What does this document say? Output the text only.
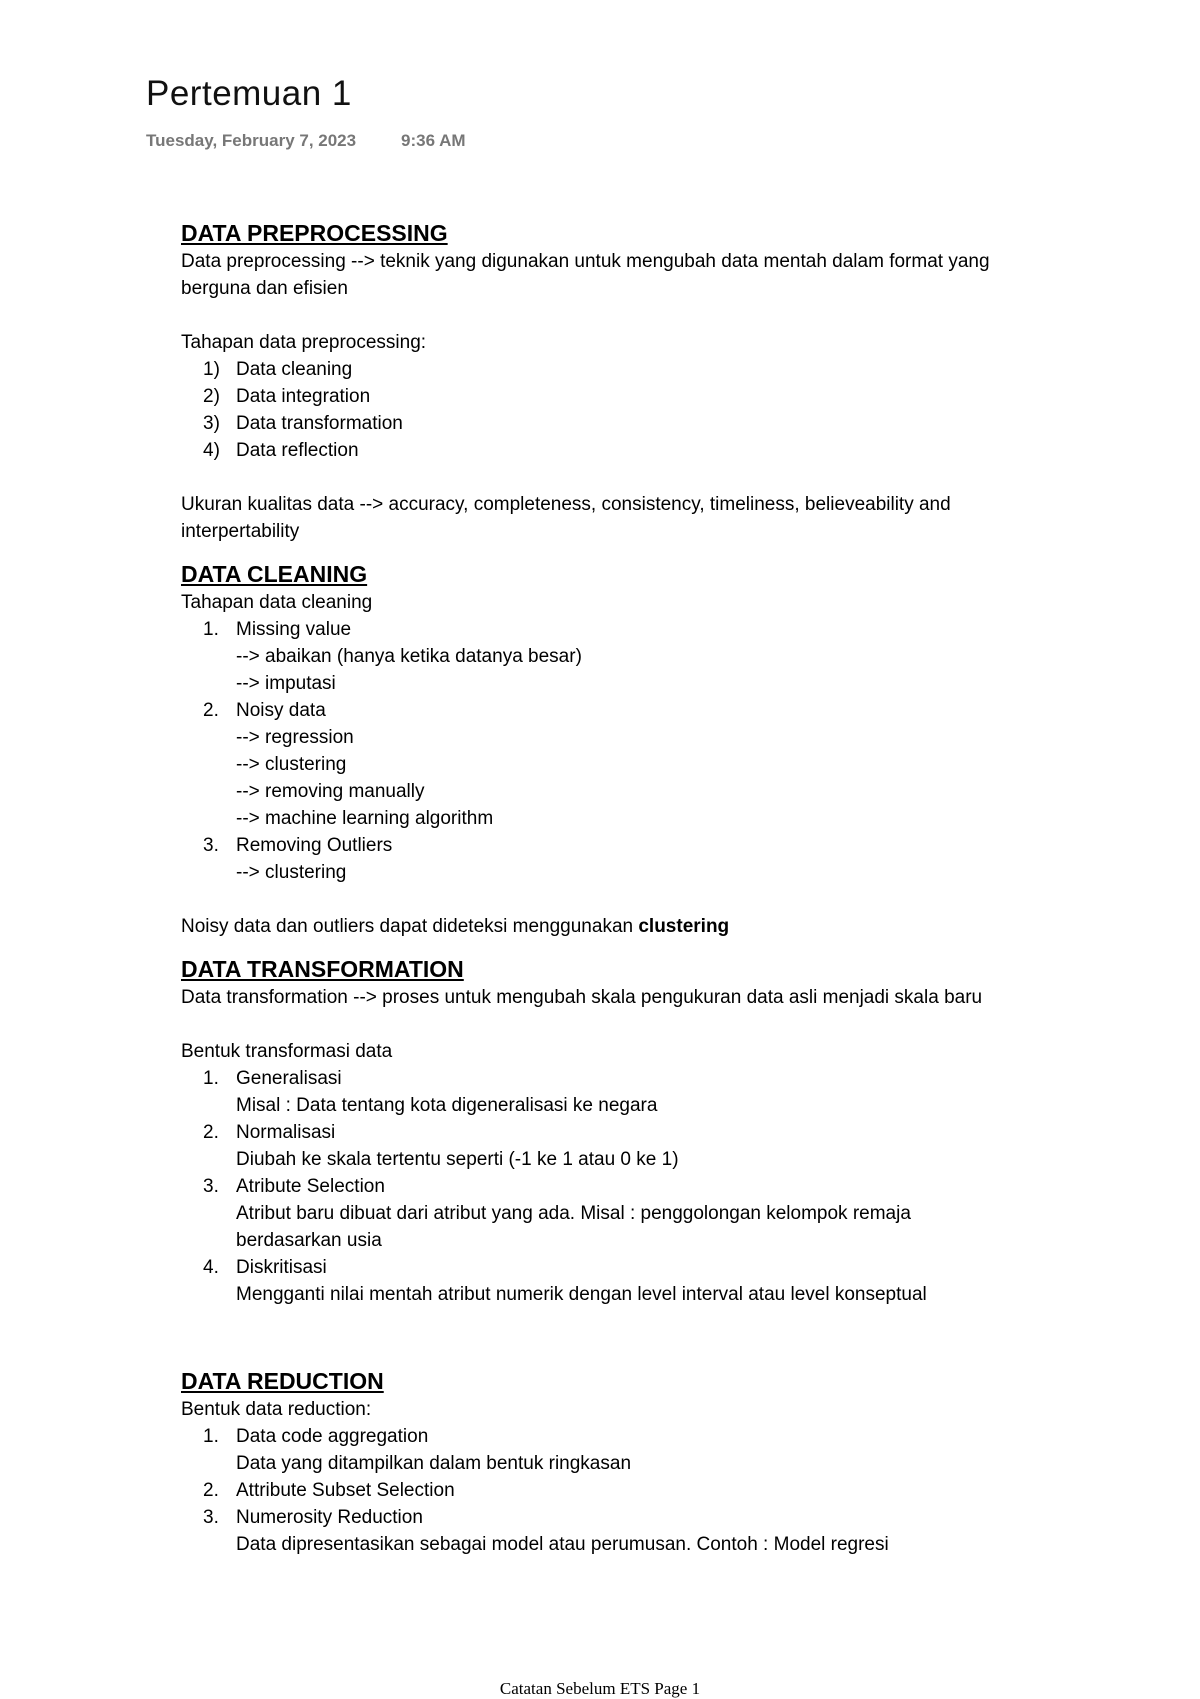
Pertemuan 1
Tuesday, February 7, 2023	9:36 AM
DATA PREPROCESSING

Data preprocessing --> teknik yang digunakan untuk mengubah data mentah dalam format yang

berguna dan efisien

Tahapan data preprocessing:

1) Data cleaning
2) Data integration
3) Data transformation
4) Data reflection

Ukuran kualitas data --> accuracy, completeness, consistency, timeliness, believeability and

interpertability

DATA CLEANING

Tahapan data cleaning

1. Missing value
--> abaikan (hanya ketika datanya besar)
--> imputasi
2. Noisy data
--> regression
--> clustering
--> removing manually
--> machine learning algorithm
3. Removing Outliers
--> clustering

Noisy data dan outliers dapat dideteksi menggunakan clustering

DATA TRANSFORMATION

Data transformation --> proses untuk mengubah skala pengukuran data asli menjadi skala baru

Bentuk transformasi data

1. Generalisasi
Misal : Data tentang kota digeneralisasi ke negara
2. Normalisasi
Diubah ke skala tertentu seperti (-1 ke 1 atau 0 ke 1)
3. Atribute Selection
Atribut baru dibuat dari atribut yang ada. Misal : penggolongan kelompok remaja
berdasarkan usia
4. Diskritisasi
Mengganti nilai mentah atribut numerik dengan level interval atau level konseptual
DATA REDUCTION

Bentuk data reduction:

1. Data code aggregation
Data yang ditampilkan dalam bentuk ringkasan
2. Attribute Subset Selection
3. Numerosity Reduction
Data dipresentasikan sebagai model atau perumusan. Contoh : Model regresi
Catatan Sebelum ETS Page 1
